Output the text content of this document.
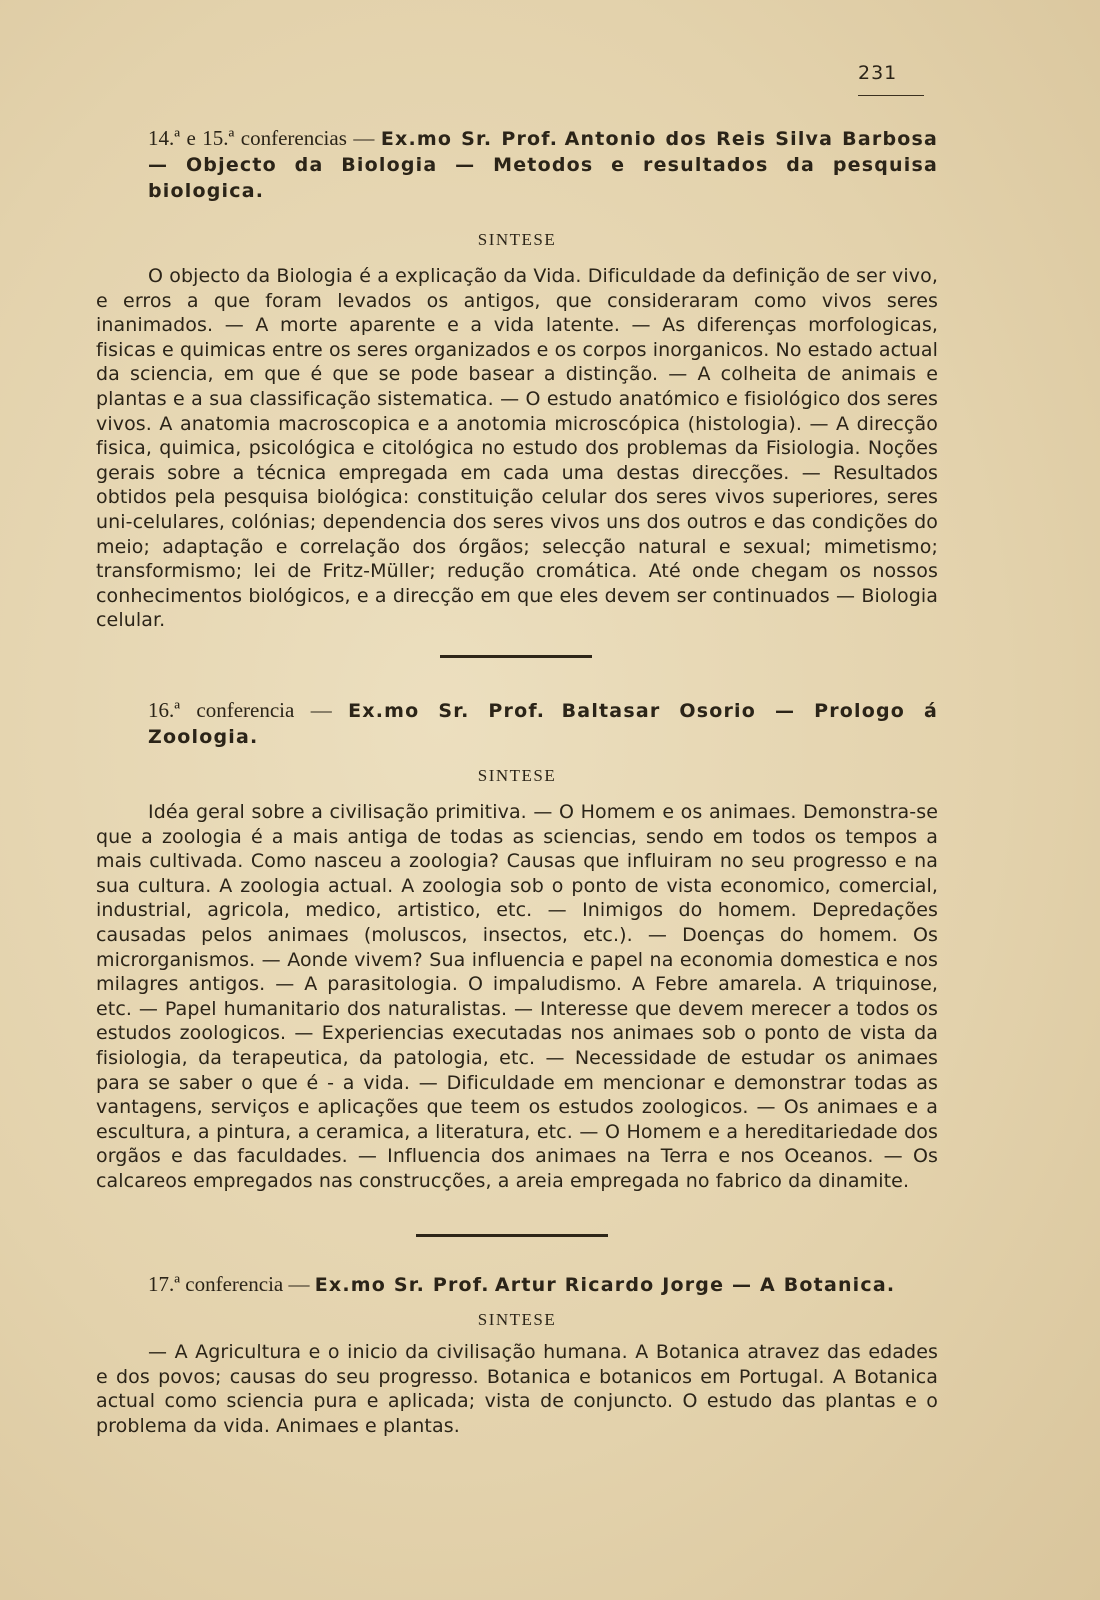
231

14.ª e 15.ª conferencias — Ex.mo Sr. Prof. Antonio dos Reis Silva Barbosa — Objecto da Biologia — Metodos e resultados da pesquisa biologica.

SINTESE

O objecto da Biologia é a explicação da Vida. Dificuldade da definição de ser vivo, e erros a que foram levados os antigos, que consideraram como vivos seres inanimados. — A morte aparente e a vida latente. — As diferenças morfologicas, fisicas e quimicas entre os seres organizados e os corpos inorganicos. No estado actual da sciencia, em que é que se pode basear a distinção. — A colheita de animais e plantas e a sua classificação sistematica. — O estudo anatómico e fisiológico dos seres vivos. A anatomia macroscopica e a anotomia microscópica (histologia). — A direcção fisica, quimica, psicológica e citológica no estudo dos problemas da Fisiologia. Noções gerais sobre a técnica empregada em cada uma destas direcções. — Resultados obtidos pela pesquisa biológica: constituição celular dos seres vivos superiores, seres uni-celulares, colónias; dependencia dos seres vivos uns dos outros e das condições do meio; adaptação e correlação dos órgãos; selecção natural e sexual; mimetismo; transformismo; lei de Fritz-Müller; redução cromática. Até onde chegam os nossos conhecimentos biológicos, e a direcção em que eles devem ser continuados — Biologia celular.

16.ª conferencia — Ex.mo Sr. Prof. Baltasar Osorio — Prologo á Zoologia.

SINTESE

Idéa geral sobre a civilisação primitiva. — O Homem e os animaes. Demonstra-se que a zoologia é a mais antiga de todas as sciencias, sendo em todos os tempos a mais cultivada. Como nasceu a zoologia? Causas que influiram no seu progresso e na sua cultura. A zoologia actual. A zoologia sob o ponto de vista economico, comercial, industrial, agricola, medico, artistico, etc. — Inimigos do homem. Depredações causadas pelos animaes (moluscos, insectos, etc.). — Doenças do homem. Os microrganismos. — Aonde vivem? Sua influencia e papel na economia domestica e nos milagres antigos. — A parasitologia. O impaludismo. A Febre amarela. A triquinose, etc. — Papel humanitario dos naturalistas. — Interesse que devem merecer a todos os estudos zoologicos. — Experiencias executadas nos animaes sob o ponto de vista da fisiologia, da terapeutica, da patologia, etc. — Necessidade de estudar os animaes para se saber o que é - a vida. — Dificuldade em mencionar e demonstrar todas as vantagens, serviços e aplicações que teem os estudos zoologicos. — Os animaes e a escultura, a pintura, a ceramica, a literatura, etc. — O Homem e a hereditariedade dos orgãos e das faculdades. — Influencia dos animaes na Terra e nos Oceanos. — Os calcareos empregados nas construcções, a areia empregada no fabrico da dinamite.

17.ª conferencia — Ex.mo Sr. Prof. Artur Ricardo Jorge — A Botanica.

SINTESE

— A Agricultura e o inicio da civilisação humana. A Botanica atravez das edades e dos povos; causas do seu progresso. Botanica e botanicos em Portugal. A Botanica actual como sciencia pura e aplicada; vista de conjuncto. O estudo das plantas e o problema da vida. Animaes e plantas.
